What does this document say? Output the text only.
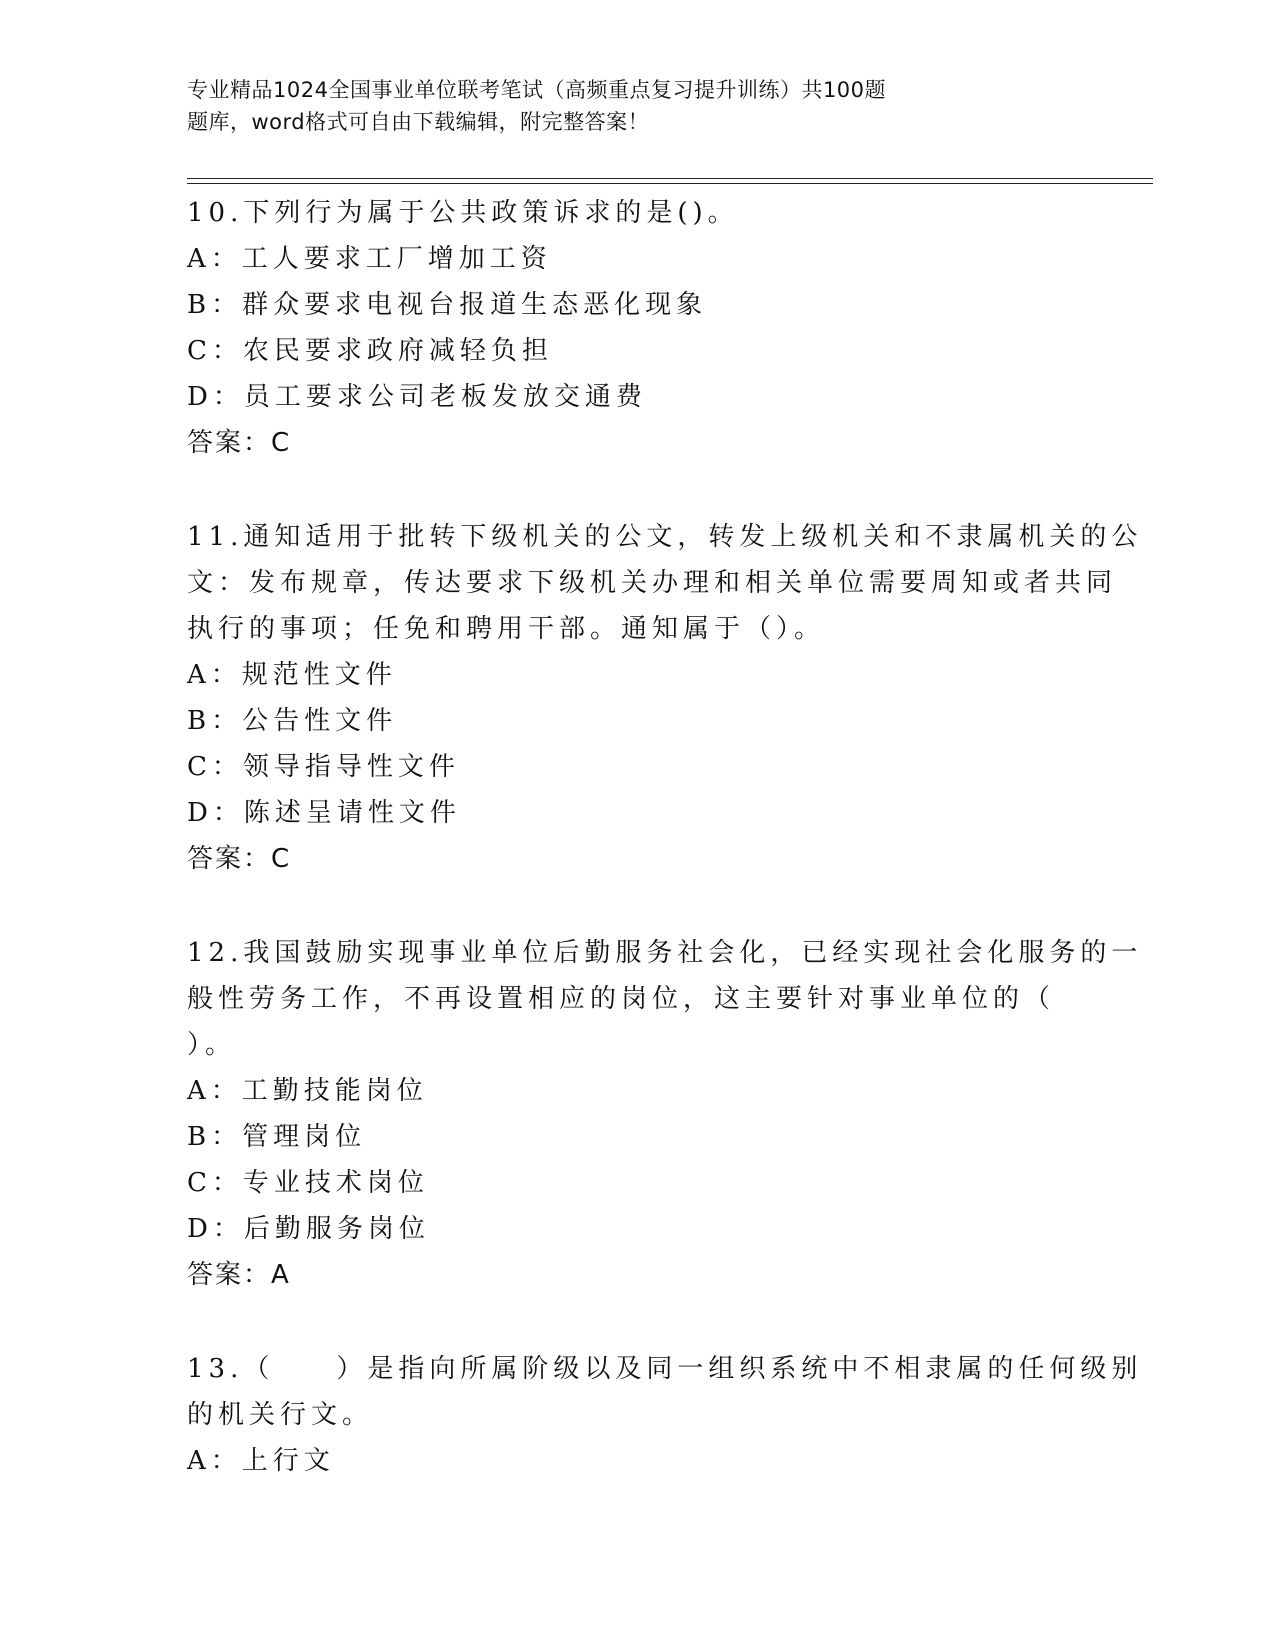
专业精品1024全国事业单位联考笔试（高频重点复习提升训练）共100题
题库，word格式可自由下载编辑，附完整答案！
10.下列行为属于公共政策诉求的是()。
A：工人要求工厂增加工资
B：群众要求电视台报道生态恶化现象
C：农民要求政府减轻负担
D：员工要求公司老板发放交通费
答案：C
11.通知适用于批转下级机关的公文，转发上级机关和不隶属机关的公
文：发布规章，传达要求下级机关办理和相关单位需要周知或者共同
执行的事项；任免和聘用干部。通知属于（）。
A：规范性文件
B：公告性文件
C：领导指导性文件
D：陈述呈请性文件
答案：C
12.我国鼓励实现事业单位后勤服务社会化，已经实现社会化服务的一
般性劳务工作，不再设置相应的岗位，这主要针对事业单位的（
）。
A：工勤技能岗位
B：管理岗位
C：专业技术岗位
D：后勤服务岗位
答案：A
13.（　　）是指向所属阶级以及同一组织系统中不相隶属的任何级别
的机关行文。
A：上行文
